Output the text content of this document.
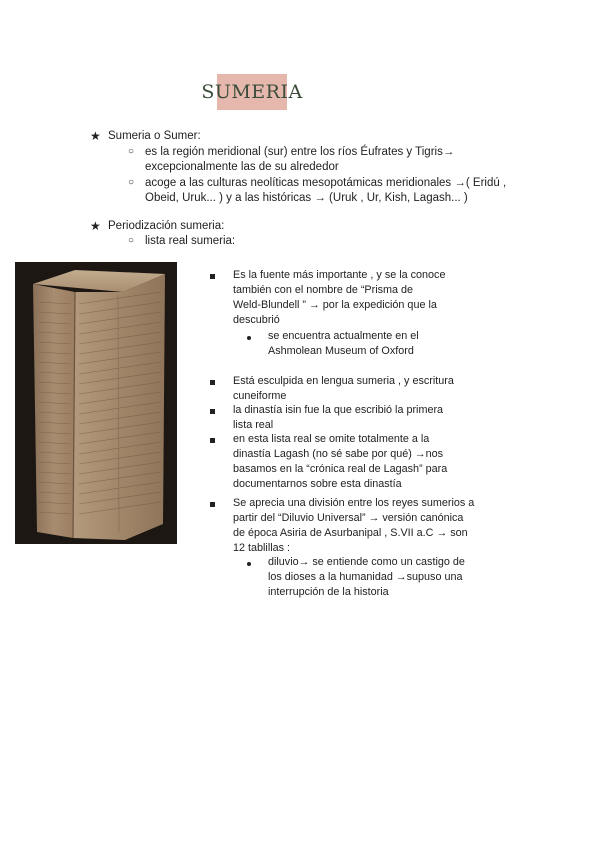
SUMERIA
★ Sumeria o Sumer:
○ es la región meridional (sur) entre los ríos Éufrates y Tigris→
excepcionalmente las de su alrededor
○ acoge a las culturas neolíticas mesopotámicas meridionales →( Eridú ,
Obeid, Uruk... ) y a las históricas → (Uruk , Ur, Kish, Lagash... )
★ Periodización sumeria:
○ lista real sumeria:
Es la fuente más importante , y se la conoce
también con el nombre de “Prisma de
Weld-Blundell ” → por la expedición que la
descubrió
se encuentra actualmente en el
Ashmolean Museum of Oxford
Está esculpida en lengua sumeria , y escritura
cuneiforme
la dinastía isin fue la que escribió la primera
lista real
en esta lista real se omite totalmente a la
dinastía Lagash (no sé sabe por qué) →nos
basamos en la “crónica real de Lagash” para
documentarnos sobre esta dinastía
Se aprecia una división entre los reyes sumerios a
partir del “Diluvio Universal” → versión canónica
de época Asiria de Asurbanipal , S.VII a.C → son
12 tablillas :
diluvio→ se entiende como un castigo de
los dioses a la humanidad →supuso una
interrupción de la historia
